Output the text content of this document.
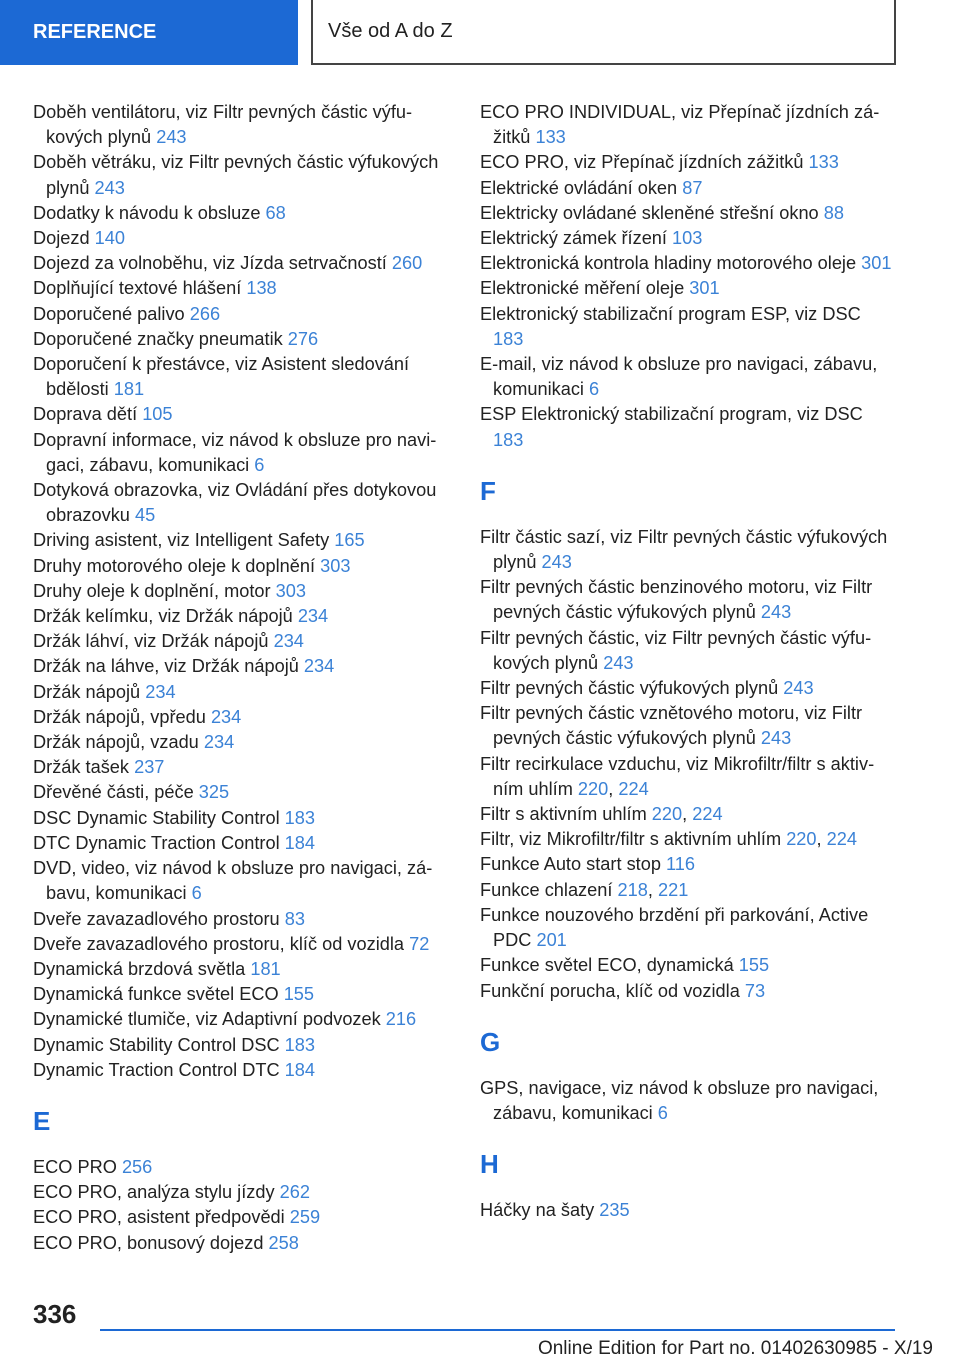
REFERENCE	Vše od A do Z
Doběh ventilátoru, viz Filtr pevných částic výfukových plynů 243
Doběh větráku, viz Filtr pevných částic výfukových plynů 243
Dodatky k návodu k obsluze 68
Dojezd 140
Dojezd za volnoběhu, viz Jízda setrvačností 260
Doplňující textové hlášení 138
Doporučené palivo 266
Doporučené značky pneumatik 276
Doporučení k přestávce, viz Asistent sledování bdělosti 181
Doprava dětí 105
Dopravní informace, viz návod k obsluze pro navigaci, zábavu, komunikaci 6
Dotyková obrazovka, viz Ovládání přes dotykovou obrazovku 45
Driving asistent, viz Intelligent Safety 165
Druhy motorového oleje k doplnění 303
Druhy oleje k doplnění, motor 303
Držák kelímku, viz Držák nápojů 234
Držák láhví, viz Držák nápojů 234
Držák na láhve, viz Držák nápojů 234
Držák nápojů 234
Držák nápojů, vpředu 234
Držák nápojů, vzadu 234
Držák tašek 237
Dřevěné části, péče 325
DSC Dynamic Stability Control 183
DTC Dynamic Traction Control 184
DVD, video, viz návod k obsluze pro navigaci, zábavu, komunikaci 6
Dveře zavazadlového prostoru 83
Dveře zavazadlového prostoru, klíč od vozidla 72
Dynamická brzdová světla 181
Dynamická funkce světel ECO 155
Dynamické tlumiče, viz Adaptivní podvozek 216
Dynamic Stability Control DSC 183
Dynamic Traction Control DTC 184
E
ECO PRO 256
ECO PRO, analýza stylu jízdy 262
ECO PRO, asistent předpovědi 259
ECO PRO, bonusový dojezd 258
ECO PRO INDIVIDUAL, viz Přepínač jízdních zážitků 133
ECO PRO, viz Přepínač jízdních zážitků 133
Elektrické ovládání oken 87
Elektricky ovládané skleněné střešní okno 88
Elektrický zámek řízení 103
Elektronická kontrola hladiny motorového oleje 301
Elektronické měření oleje 301
Elektronický stabilizační program ESP, viz DSC 183
E-mail, viz návod k obsluze pro navigaci, zábavu, komunikaci 6
ESP Elektronický stabilizační program, viz DSC 183
F
Filtr částic sazí, viz Filtr pevných částic výfukových plynů 243
Filtr pevných částic benzinového motoru, viz Filtr pevných částic výfukových plynů 243
Filtr pevných částic, viz Filtr pevných částic výfukových plynů 243
Filtr pevných částic výfukových plynů 243
Filtr pevných částic vznětového motoru, viz Filtr pevných částic výfukových plynů 243
Filtr recirkulace vzduchu, viz Mikrofiltr/filtr s aktivním uhlím 220, 224
Filtr s aktivním uhlím 220, 224
Filtr, viz Mikrofiltr/filtr s aktivním uhlím 220, 224
Funkce Auto start stop 116
Funkce chlazení 218, 221
Funkce nouzového brzdění při parkování, Active PDC 201
Funkce světel ECO, dynamická 155
Funkční porucha, klíč od vozidla 73
G
GPS, navigace, viz návod k obsluze pro navigaci, zábavu, komunikaci 6
H
Háčky na šaty 235
336
Online Edition for Part no. 01402630985 - X/19
